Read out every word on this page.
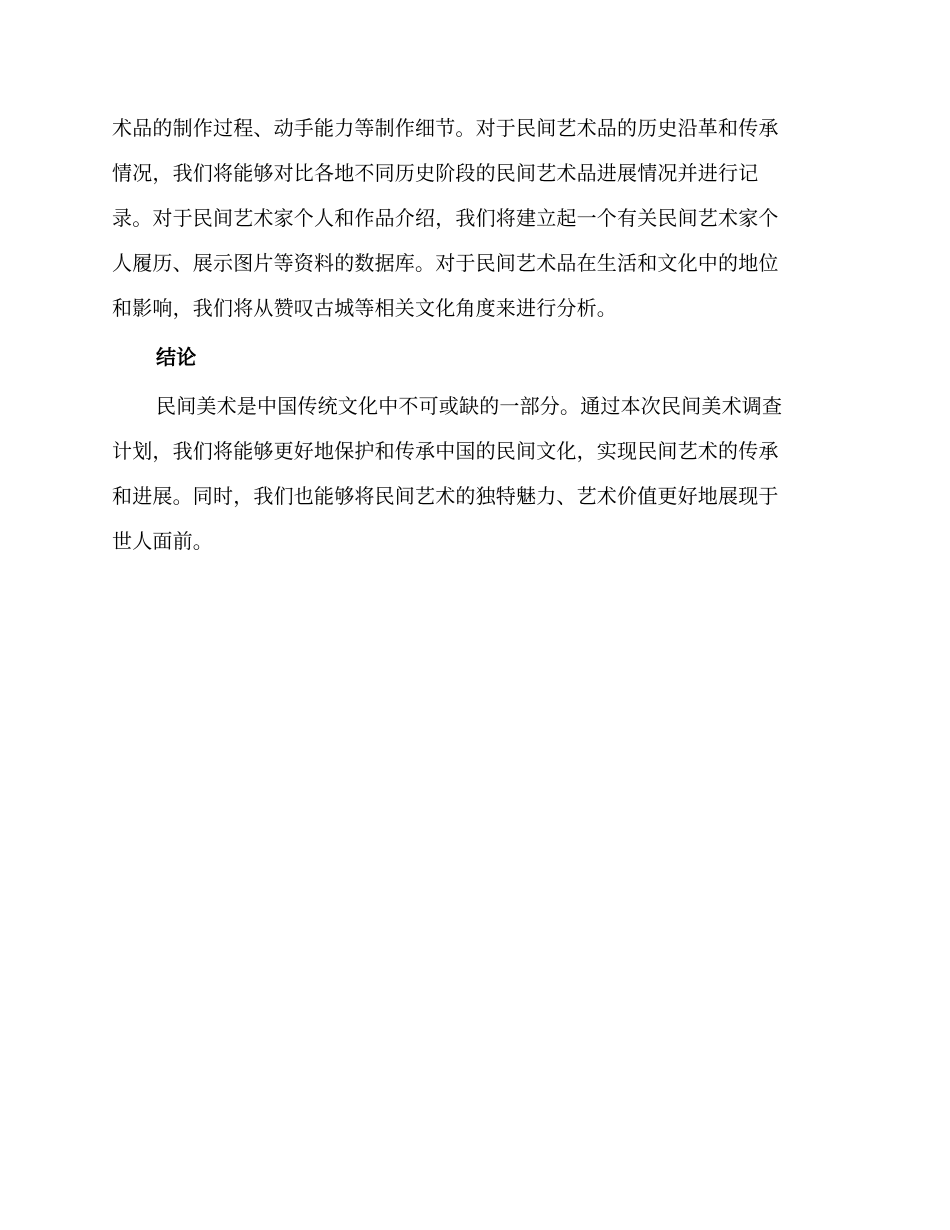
术品的制作过程、动手能力等制作细节。对于民间艺术品的历史沿革和传承
情况，我们将能够对比各地不同历史阶段的民间艺术品进展情况并进行记
录。对于民间艺术家个人和作品介绍，我们将建立起一个有关民间艺术家个
人履历、展示图片等资料的数据库。对于民间艺术品在生活和文化中的地位
和影响，我们将从赞叹古城等相关文化角度来进行分析。
结论
民间美术是中国传统文化中不可或缺的一部分。通过本次民间美术调查
计划，我们将能够更好地保护和传承中国的民间文化，实现民间艺术的传承
和进展。同时，我们也能够将民间艺术的独特魅力、艺术价值更好地展现于
世人面前。
